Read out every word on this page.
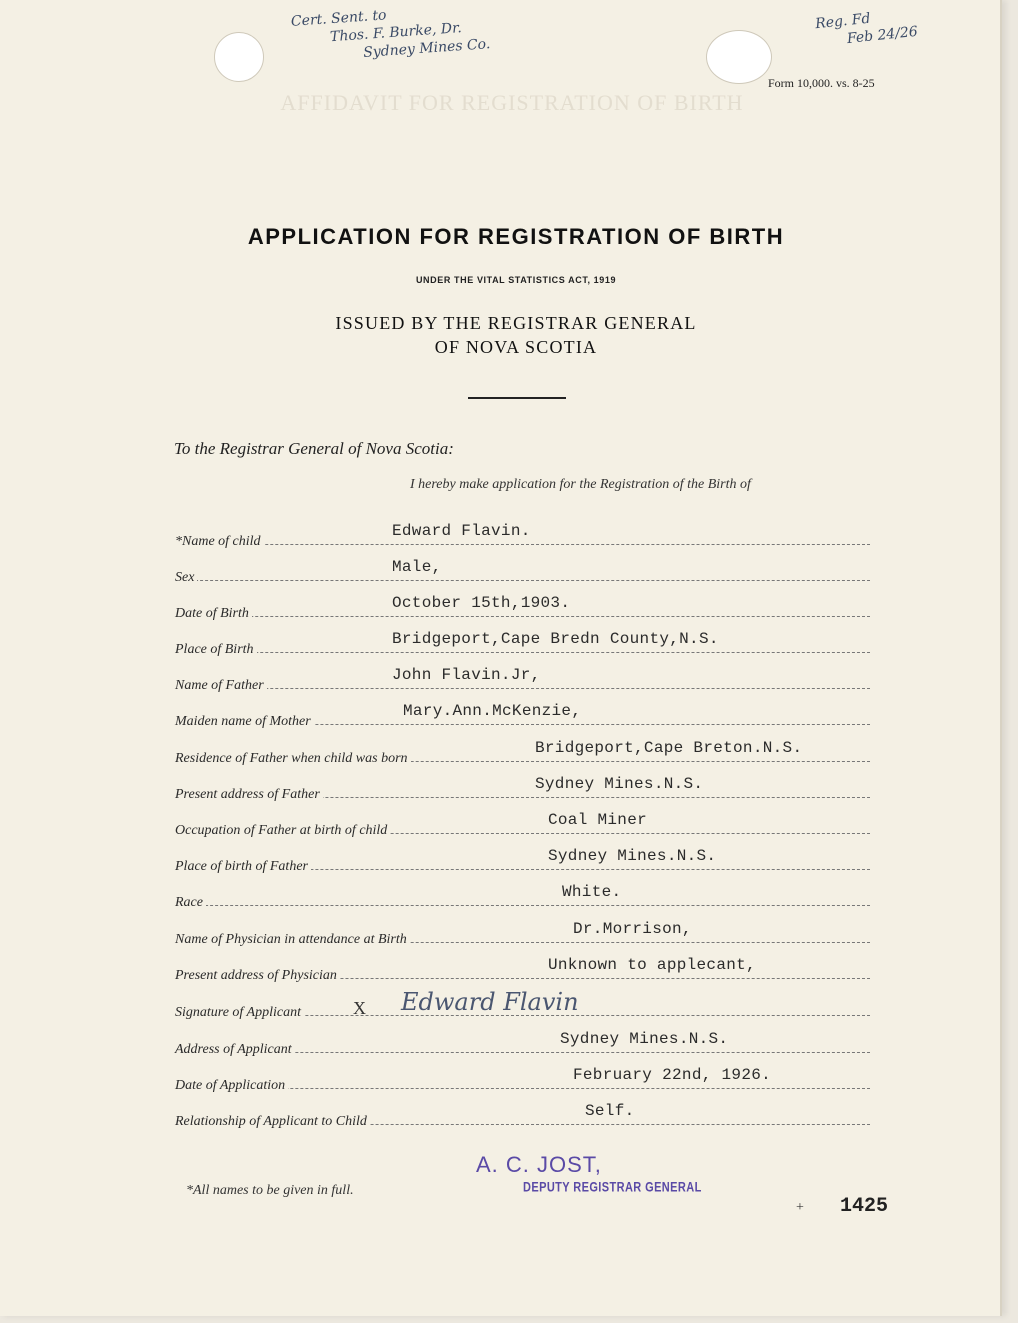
Cert. Sent. to
Thos. F. Burke, Dr.
Sydney Mines Co.
Reg. Fd
Feb 24/26
Form 10,000. vs. 8-25
AFFIDAVIT FOR REGISTRATION OF BIRTH
APPLICATION FOR REGISTRATION OF BIRTH
UNDER THE VITAL STATISTICS ACT, 1919
ISSUED BY THE REGISTRAR GENERAL
OF NOVA SCOTIA
To the Registrar General of Nova Scotia:
I hereby make application for the Registration of the Birth of
*Name of child
Edward Flavin.
Sex
Male,
Date of Birth
October 15th,1903.
Place of Birth
Bridgeport,Cape Bredn County,N.S.
Name of Father
John Flavin.Jr,
Maiden name of Mother
Mary.Ann.McKenzie,
Residence of Father when child was born
Bridgeport,Cape Breton.N.S.
Present address of Father
Sydney Mines.N.S.
Occupation of Father at birth of child
Coal Miner
Place of birth of Father
Sydney Mines.N.S.
Race
White.
Name of Physician in attendance at Birth
Dr.Morrison,
Present address of Physician
Unknown to applecant,
Signature of Applicant	X Edward Flavin
Address of Applicant
Sydney Mines.N.S.
Date of Application
February 22nd, 1926.
Relationship of Applicant to Child
Self.
*All names to be given in full.
A. C. JOST,
DEPUTY REGISTRAR GENERAL
+ 1425
